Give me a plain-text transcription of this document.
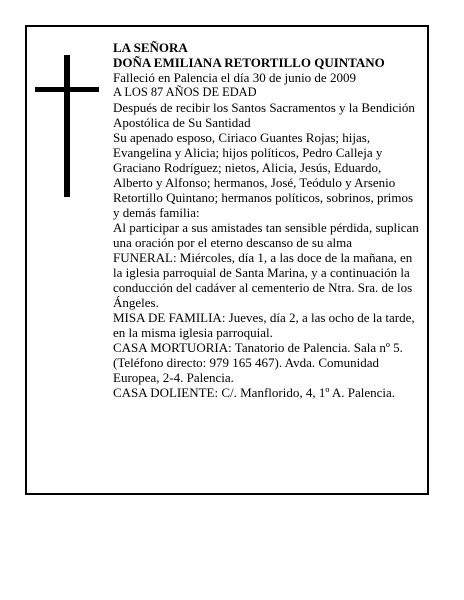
LA SEÑORA

DOÑA EMILIANA RETORTILLO QUINTANO

Falleció en Palencia el día 30 de junio de 2009

A LOS 87 AÑOS DE EDAD

Después de recibir los Santos Sacramentos y la Bendición Apostólica de Su Santidad

Su apenado esposo, Ciriaco Guantes Rojas; hijas, Evangelina y Alicia; hijos políticos, Pedro Calleja y Graciano Rodríguez; nietos, Alicia, Jesús, Eduardo, Alberto y Alfonso; hermanos, José, Teódulo y Arsenio Retortillo Quintano; hermanos políticos, sobrinos, primos y demás familia:

Al participar a sus amistades tan sensible pérdida, suplican una oración por el eterno descanso de su alma

FUNERAL: Miércoles, día 1, a las doce de la mañana, en la iglesia parroquial de Santa Marina, y a continuación la conducción del cadáver al cementerio de Ntra. Sra. de los Ángeles.

MISA DE FAMILIA: Jueves, día 2, a las ocho de la tarde, en la misma iglesia parroquial.

CASA MORTUORIA: Tanatorio de Palencia. Sala nº 5. (Teléfono directo: 979 165 467). Avda. Comunidad Europea, 2-4. Palencia.

CASA DOLIENTE: C/. Manflorido, 4, 1º A. Palencia.
